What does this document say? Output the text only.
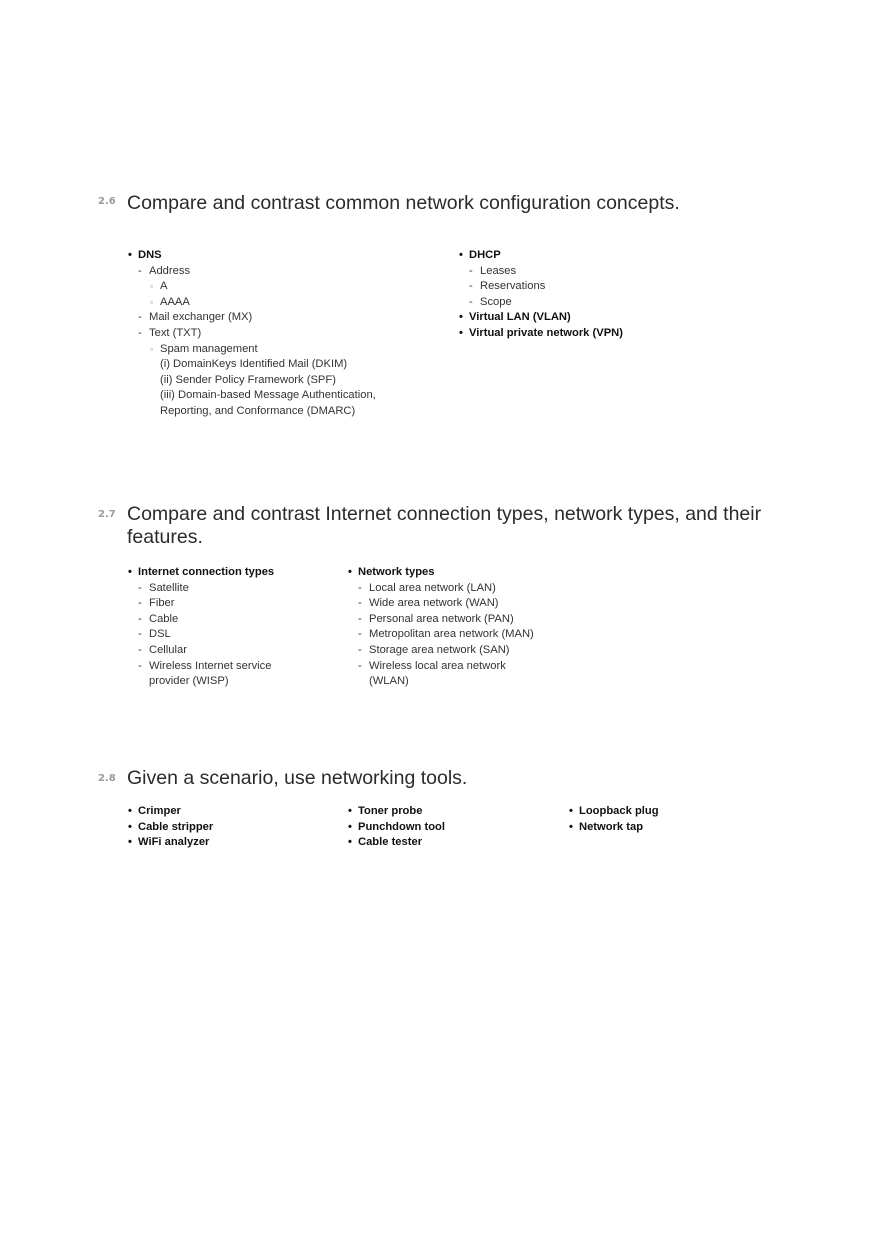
2.6 Compare and contrast common network configuration concepts.
• DNS
- Address
▫ A
▫ AAAA
- Mail exchanger (MX)
- Text (TXT)
▫ Spam management
(i) DomainKeys Identified Mail (DKIM)
(ii) Sender Policy Framework (SPF)
(iii) Domain-based Message Authentication,
Reporting, and Conformance (DMARC)
• DHCP
- Leases
- Reservations
- Scope
• Virtual LAN (VLAN)
• Virtual private network (VPN)
2.7 Compare and contrast Internet connection types, network types, and their features.
• Internet connection types
- Satellite
- Fiber
- Cable
- DSL
- Cellular
- Wireless Internet service
provider (WISP)
• Network types
- Local area network (LAN)
- Wide area network (WAN)
- Personal area network (PAN)
- Metropolitan area network (MAN)
- Storage area network (SAN)
- Wireless local area network
(WLAN)
2.8 Given a scenario, use networking tools.
• Crimper
• Cable stripper
• WiFi analyzer
• Toner probe
• Punchdown tool
• Cable tester
• Loopback plug
• Network tap
